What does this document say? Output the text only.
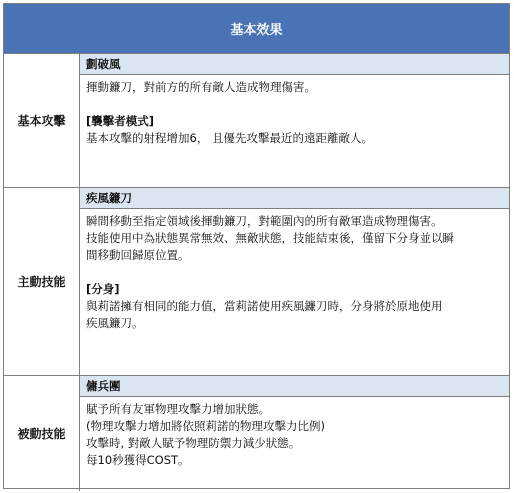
基本效果
基本攻擊
劃破風

揮動鐮刀，對前方的所有敵人造成物理傷害。

[襲擊者模式]

基本攻擊的射程增加6， 且優先攻擊最近的遠距離敵人。

主動技能
疾風鐮刀

瞬間移動至指定領域後揮動鐮刀，對範圍內的所有敵軍造成物理傷害。

技能使用中為狀態異常無效、無敵狀態，技能結束後，僅留下分身並以瞬

間移動回歸原位置。

[分身]

與莉諾擁有相同的能力值，當莉諾使用疾風鐮刀時，分身將於原地使用

疾風鐮刀。

被動技能
傭兵團

賦予所有友軍物理攻擊力增加狀態。

(物理攻擊力增加將依照莉諾的物理攻擊力比例)

攻擊時, 對敵人賦予物理防禦力減少狀態。

每10秒獲得COST。
